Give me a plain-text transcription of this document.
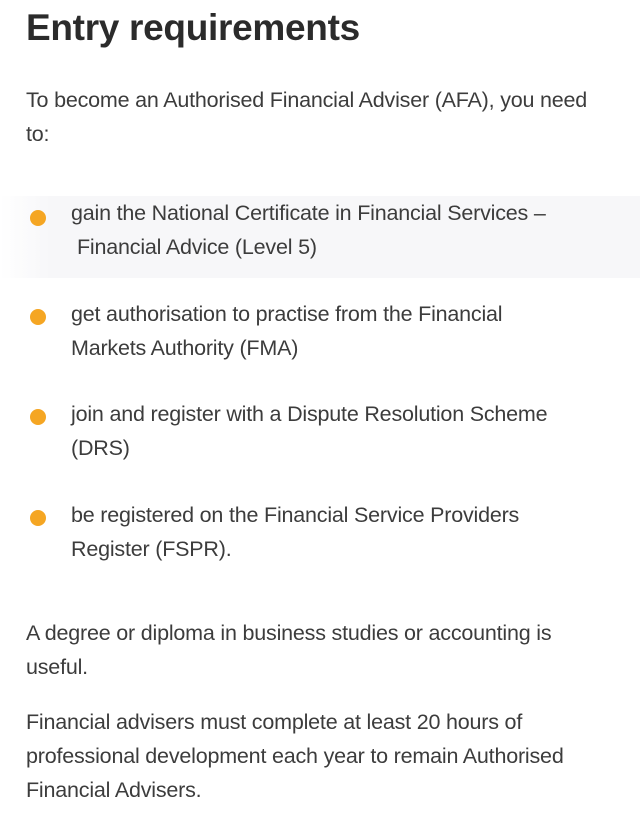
Entry requirements

To become an Authorised Financial Adviser (AFA), you need to:

gain the National Certificate in Financial Services –
Financial Advice (Level 5)
get authorisation to practise from the Financial
Markets Authority (FMA)
join and register with a Dispute Resolution Scheme
(DRS)
be registered on the Financial Service Providers
Register (FSPR).

A degree or diploma in business studies or accounting is useful.

Financial advisers must complete at least 20 hours of professional development each year to remain Authorised Financial Advisers.
